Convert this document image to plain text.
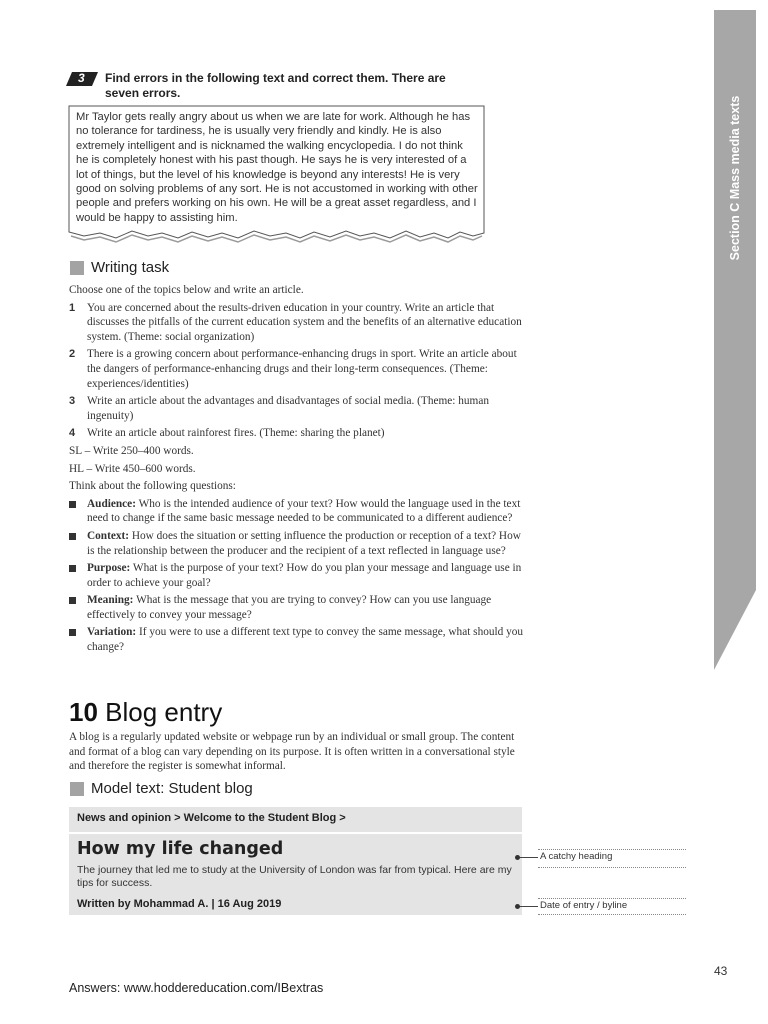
Section C Mass media texts
3 Find errors in the following text and correct them. There are seven errors.

Mr Taylor gets really angry about us when we are late for work. Although he has no tolerance for tardiness, he is usually very friendly and kindly. He is also extremely intelligent and is nicknamed the walking encyclopedia. I do not think he is completely honest with his past though. He says he is very interested of a lot of things, but the level of his knowledge is beyond any interests! He is very good on solving problems of any sort. He is not accustomed in working with other people and prefers working on his own. He will be a great asset regardless, and I would be happy to assisting him.

Writing task
Choose one of the topics below and write an article.
1	You are concerned about the results-driven education in your country. Write an article that discusses the pitfalls of the current education system and the benefits of an alternative education system. (Theme: social organization)
2	There is a growing concern about performance-enhancing drugs in sport. Write an article about the dangers of performance-enhancing drugs and their long-term consequences. (Theme: experiences/identities)
3	Write an article about the advantages and disadvantages of social media. (Theme: human ingenuity)
4	Write an article about rainforest fires. (Theme: sharing the planet)
SL – Write 250–400 words.
HL – Write 450–600 words.
Think about the following questions:
Audience: Who is the intended audience of your text? How would the language used in the text need to change if the same basic message needed to be communicated to a different audience?
Context: How does the situation or setting influence the production or reception of a text? How is the relationship between the producer and the recipient of a text reflected in language use?
Purpose: What is the purpose of your text? How do you plan your message and language use in order to achieve your goal?
Meaning: What is the message that you are trying to convey? How can you use language effectively to convey your message?
Variation: If you were to use a different text type to convey the same message, what should you change?
10 Blog entry
A blog is a regularly updated website or webpage run by an individual or small group. The content and format of a blog can vary depending on its purpose. It is often written in a conversational style and therefore the register is somewhat informal.
Model text: Student blog
News and opinion > Welcome to the Student Blog >
How my life changed
The journey that led me to study at the University of London was far from typical. Here are my tips for success.
Written by Mohammad A. | 16 Aug 2019
A catchy heading
Date of entry / byline
43
Answers: www.hoddereducation.com/IBextras
